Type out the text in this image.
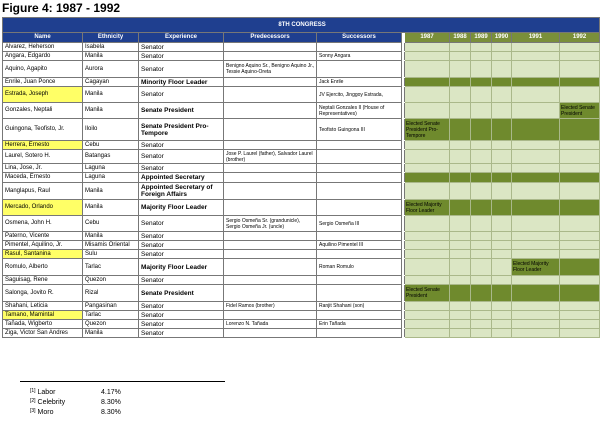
Figure 4: 1987 - 1992
8TH CONGRESS											
Name	Ethnicity	Experience	Predecessors	Successors		1987	1988	1989	1990	1991	1992
Alvarez, Heherson	Isabela	Senator									
Angara, Edgardo	Manila	Senator		Sonny Angara							
Aquino, Agapito	Aurora	Senator	Benigno Aquino Sr., Benigno Aquino Jr., Tessie Aquino-Oreta								
Enrile, Juan Ponce	Cagayan	Minority Floor Leader		Jack Enrile							
Estrada, Joseph	Manila	Senator		JV Ejercito, Jinggoy Estrada,							
Gonzales, Neptali	Manila	Senate President		Neptali Gonzales II (House of Representatives)							Elected Senate President
Guingona, Teofisto, Jr.	Iloilo	Senate President Pro-Tempore		Teofisto Guingona III		Elected Senate President Pro-Tempore					
Herrera, Ernesto	Cebu	Senator									
Laurel, Sotero H.	Batangas	Senator	Jose P. Laurel (father), Salvador Laurel (brother)								
Lina, Jose, Jr.	Laguna	Senator									
Maceda, Ernesto	Laguna	Appointed Secretary									
Manglapus, Raul	Manila	Appointed Secretary of Foreign Affairs									
Mercado, Orlando	Manila	Majority Floor Leader				Elected Majority Floor Leader					
Osmena, John H.	Cebu	Senator	Sergio Osmeña Sr. (grandunicle), Sergio Osmeña Jr. (uncle)	Sergio Osmeña III							
Paterno, Vicente	Manila	Senator									
Pimentel, Aquilino, Jr.	Misamis Oriental	Senator		Aquilino Pimentel III							
Rasul, Santanina	Sulu	Senator									
Romulo, Alberto	Tarlac	Majority Floor Leader		Roman Romulo						Elected Majority Floor Leader	
Saguisag, Rene	Quezon	Senator									
Salonga, Jovito R.	Rizal	Senate President				Elected Senate President					
Shahani, Leticia	Pangasinan	Senator	Fidel Ramos (brother)	Ranjit Shahani (son)							
Tamano, Mamintal	Tarlac	Senator									
Tañada, Wigberto	Quezon	Senator	Lorenzo N. Tañada	Erin Tañada							
Ziga, Victor San Andres	Manila	Senator									
[1] Labor	4.17%
[2] Celebrity	8.30%
[3] Moro	8.30%
